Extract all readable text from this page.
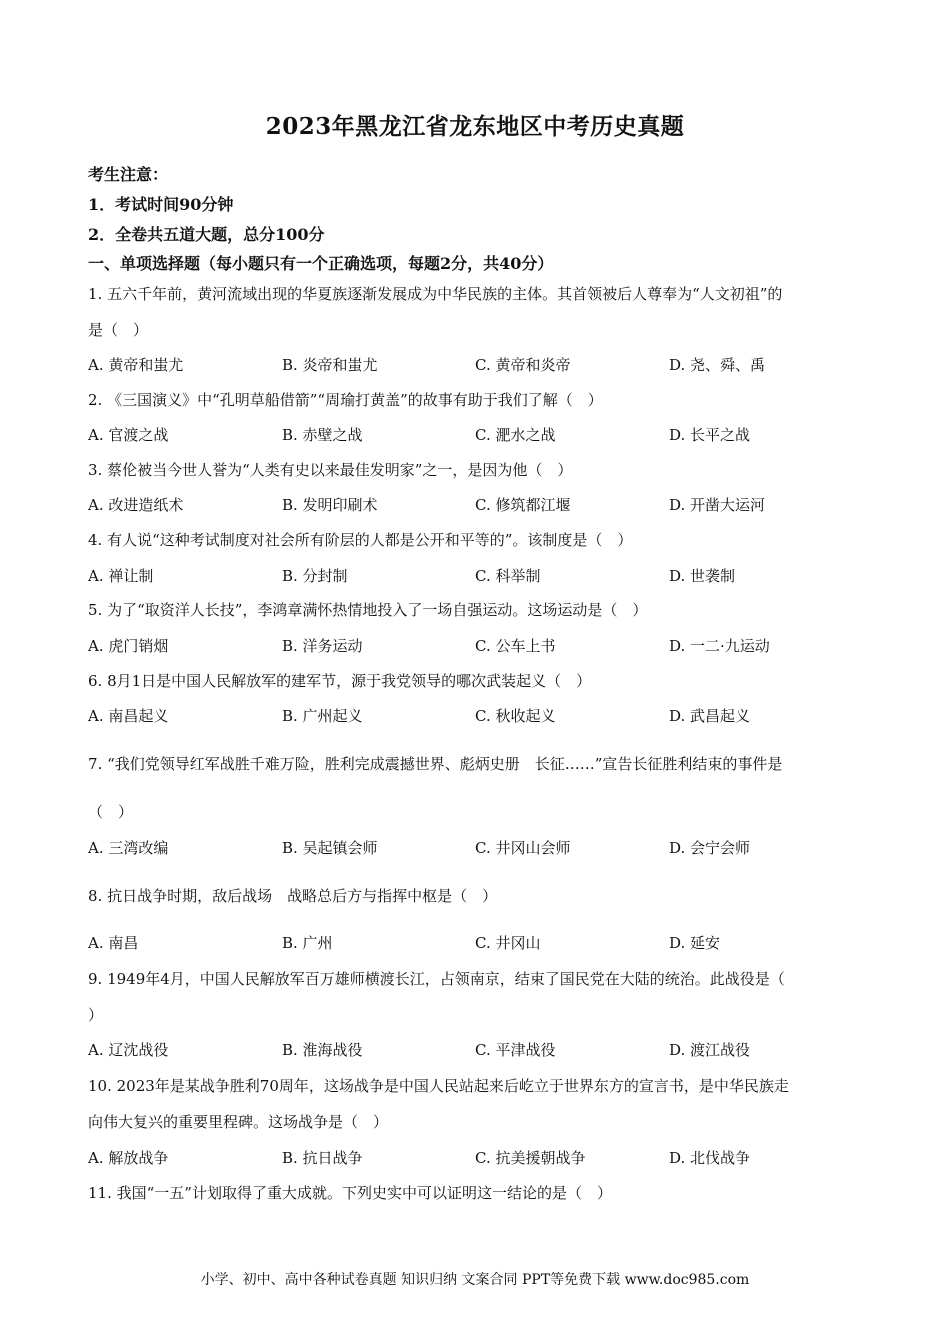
2023年黑龙江省龙东地区中考历史真题
考生注意：
1．考试时间90分钟
2．全卷共五道大题，总分100分
一、单项选择题（每小题只有一个正确选项，每题2分，共40分）
1. 五六千年前，黄河流域出现的华夏族逐渐发展成为中华民族的主体。其首领被后人尊奉为“人文初祖”的
是（　）
A. 黄帝和蚩尤	B. 炎帝和蚩尤	C. 黄帝和炎帝	D. 尧、舜、禹
2. 《三国演义》中“孔明草船借箭”“周瑜打黄盖”的故事有助于我们了解（　）
A. 官渡之战	B. 赤壁之战	C. 淝水之战	D. 长平之战
3. 蔡伦被当今世人誉为“人类有史以来最佳发明家”之一，是因为他（　）
A. 改进造纸术	B. 发明印刷术	C. 修筑都江堰	D. 开凿大运河
4. 有人说“这种考试制度对社会所有阶层的人都是公开和平等的”。该制度是（　）
A. 禅让制	B. 分封制	C. 科举制	D. 世袭制
5. 为了“取资洋人长技”，李鸿章满怀热情地投入了一场自强运动。这场运动是（　）
A. 虎门销烟	B. 洋务运动	C. 公车上书	D. 一二·九运动
6. 8月1日是中国人民解放军的建军节，源于我党领导的哪次武装起义（　）
A. 南昌起义	B. 广州起义	C. 秋收起义	D. 武昌起义
7. “我们党领导红军战胜千难万险，胜利完成震撼世界、彪炳史册　长征……”宣告长征胜利结束的事件是
（　）
A. 三湾改编	B. 吴起镇会师	C. 井冈山会师	D. 会宁会师
8. 抗日战争时期，敌后战场　战略总后方与指挥中枢是（　）
A. 南昌	B. 广州	C. 井冈山	D. 延安
9. 1949年4月，中国人民解放军百万雄师横渡长江，占领南京，结束了国民党在大陆的统治。此战役是（
）
A. 辽沈战役	B. 淮海战役	C. 平津战役	D. 渡江战役
10. 2023年是某战争胜利70周年，这场战争是中国人民站起来后屹立于世界东方的宣言书，是中华民族走
向伟大复兴的重要里程碑。这场战争是（　）
A. 解放战争	B. 抗日战争	C. 抗美援朝战争	D. 北伐战争
11. 我国“一五”计划取得了重大成就。下列史实中可以证明这一结论的是（　）
小学、初中、高中各种试卷真题 知识归纳 文案合同 PPT等免费下载 www.doc985.com
